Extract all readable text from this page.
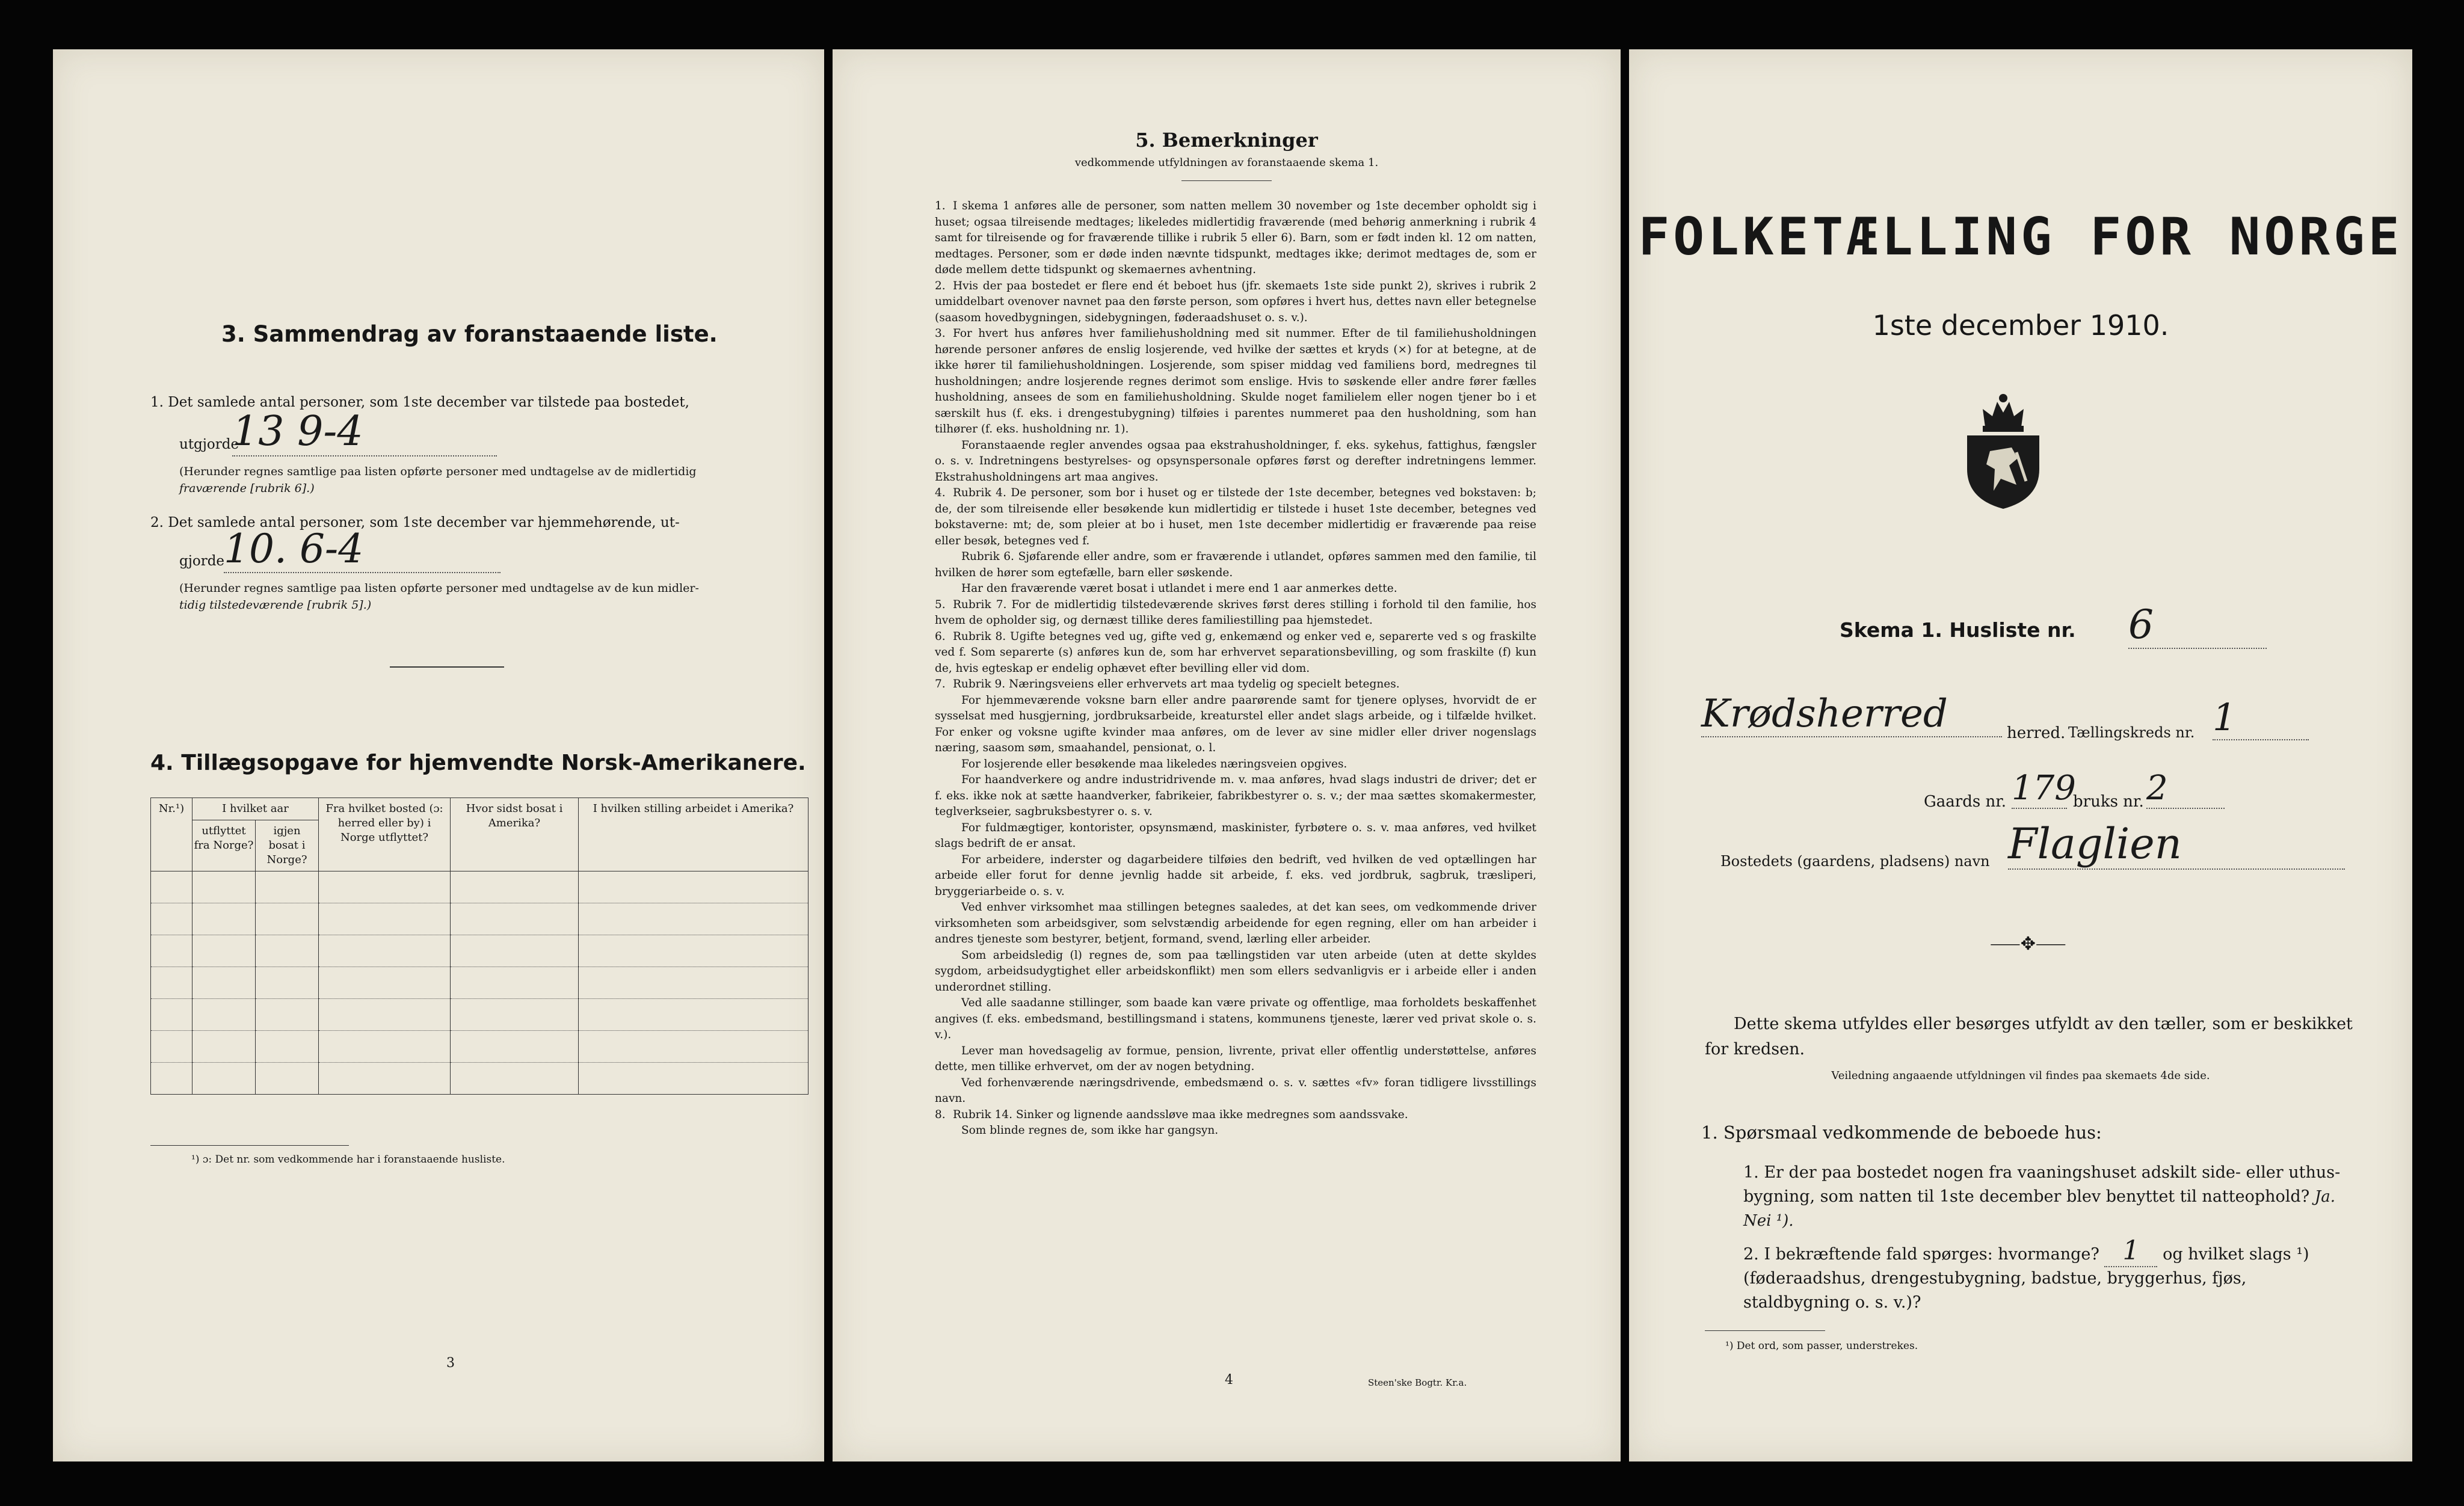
3. Sammendrag av foranstaaende liste.
1. Det samlede antal personer, som 1ste december var tilstede paa bostedet,
utgjorde
13 9-4
(Herunder regnes samtlige paa listen opførte personer med undtagelse av de midlertidig
fraværende [rubrik 6].)
2. Det samlede antal personer, som 1ste december var hjemmehørende, ut-
gjorde
10. 6-4
(Herunder regnes samtlige paa listen opførte personer med undtagelse av de kun midler-
tidig tilstedeværende [rubrik 5].)
4. Tillægsopgave for hjemvendte Norsk-Amerikanere.
Nr.¹)	I hvilket aar		Fra hvilket bosted (ɔ: herred eller by) i Norge utflyttet?	Hvor sidst bosat i Amerika?	I hvilken stilling arbeidet i Amerika?
	utflyttet fra Norge?	igjen bosat i Norge?			

¹) ɔ: Det nr. som vedkommende har i foranstaaende husliste.
3
5. Bemerkninger
vedkommende utfyldningen av foranstaaende skema 1.

1. I skema 1 anføres alle de personer, som natten mellem 30 november og 1ste december opholdt sig i huset; ogsaa tilreisende medtages; likeledes midlertidig fraværende (med behørig anmerkning i rubrik 4 samt for tilreisende og for fraværende tillike i rubrik 5 eller 6). Barn, som er født inden kl. 12 om natten, medtages. Personer, som er døde inden nævnte tidspunkt, medtages ikke; derimot medtages de, som er døde mellem dette tidspunkt og skemaernes avhentning.

2. Hvis der paa bostedet er flere end ét beboet hus (jfr. skemaets 1ste side punkt 2), skrives i rubrik 2 umiddelbart ovenover navnet paa den første person, som opføres i hvert hus, dettes navn eller betegnelse (saasom hovedbygningen, sidebygningen, føderaadshuset o. s. v.).

3. For hvert hus anføres hver familiehusholdning med sit nummer. Efter de til familiehusholdningen hørende personer anføres de enslig losjerende, ved hvilke der sættes et kryds (×) for at betegne, at de ikke hører til familiehusholdningen. Losjerende, som spiser middag ved familiens bord, medregnes til husholdningen; andre losjerende regnes derimot som enslige. Hvis to søskende eller andre fører fælles husholdning, ansees de som en familiehusholdning. Skulde noget familielem eller nogen tjener bo i et særskilt hus (f. eks. i drengestubygning) tilføies i parentes nummeret paa den husholdning, som han tilhører (f. eks. husholdning nr. 1).

Foranstaaende regler anvendes ogsaa paa ekstrahusholdninger, f. eks. sykehus, fattighus, fængsler o. s. v. Indretningens bestyrelses- og opsynspersonale opføres først og derefter indretningens lemmer. Ekstrahusholdningens art maa angives.

4. Rubrik 4. De personer, som bor i huset og er tilstede der 1ste december, betegnes ved bokstaven: b; de, der som tilreisende eller besøkende kun midlertidig er tilstede i huset 1ste december, betegnes ved bokstaverne: mt; de, som pleier at bo i huset, men 1ste december midlertidig er fraværende paa reise eller besøk, betegnes ved f.

Rubrik 6. Sjøfarende eller andre, som er fraværende i utlandet, opføres sammen med den familie, til hvilken de hører som egtefælle, barn eller søskende.

Har den fraværende været bosat i utlandet i mere end 1 aar anmerkes dette.

5. Rubrik 7. For de midlertidig tilstedeværende skrives først deres stilling i forhold til den familie, hos hvem de opholder sig, og dernæst tillike deres familiestilling paa hjemstedet.

6. Rubrik 8. Ugifte betegnes ved ug, gifte ved g, enkemænd og enker ved e, separerte ved s og fraskilte ved f. Som separerte (s) anføres kun de, som har erhvervet separationsbevilling, og som fraskilte (f) kun de, hvis egteskap er endelig ophævet efter bevilling eller vid dom.

7. Rubrik 9. Næringsveiens eller erhvervets art maa tydelig og specielt betegnes.

For hjemmeværende voksne barn eller andre paarørende samt for tjenere oplyses, hvorvidt de er sysselsat med husgjerning, jordbruksarbeide, kreaturstel eller andet slags arbeide, og i tilfælde hvilket. For enker og voksne ugifte kvinder maa anføres, om de lever av sine midler eller driver nogenslags næring, saasom søm, smaahandel, pensionat, o. l.

For losjerende eller besøkende maa likeledes næringsveien opgives.

For haandverkere og andre industridrivende m. v. maa anføres, hvad slags industri de driver; det er f. eks. ikke nok at sætte haandverker, fabrikeier, fabrikbestyrer o. s. v.; der maa sættes skomakermester, teglverkseier, sagbruksbestyrer o. s. v.

For fuldmægtiger, kontorister, opsynsmænd, maskinister, fyrbøtere o. s. v. maa anføres, ved hvilket slags bedrift de er ansat.

For arbeidere, inderster og dagarbeidere tilføies den bedrift, ved hvilken de ved optællingen har arbeide eller forut for denne jevnlig hadde sit arbeide, f. eks. ved jordbruk, sagbruk, træsliperi, bryggeriarbeide o. s. v.

Ved enhver virksomhet maa stillingen betegnes saaledes, at det kan sees, om vedkommende driver virksomheten som arbeidsgiver, som selvstændig arbeidende for egen regning, eller om han arbeider i andres tjeneste som bestyrer, betjent, formand, svend, lærling eller arbeider.

Som arbeidsledig (l) regnes de, som paa tællingstiden var uten arbeide (uten at dette skyldes sygdom, arbeidsudygtighet eller arbeidskonflikt) men som ellers sedvanligvis er i arbeide eller i anden underordnet stilling.

Ved alle saadanne stillinger, som baade kan være private og offentlige, maa forholdets beskaffenhet angives (f. eks. embedsmand, bestillingsmand i statens, kommunens tjeneste, lærer ved privat skole o. s. v.).

Lever man hovedsagelig av formue, pension, livrente, privat eller offentlig understøttelse, anføres dette, men tillike erhvervet, om der av nogen betydning.

Ved forhenværende næringsdrivende, embedsmænd o. s. v. sættes «fv» foran tidligere livsstillings navn.

8. Rubrik 14. Sinker og lignende aandssløve maa ikke medregnes som aandssvake.

Som blinde regnes de, som ikke har gangsyn.

4	Steen'ske Bogtr. Kr.a.
FOLKETÆLLING FOR NORGE
1ste december 1910.
Skema 1. Husliste nr. 6
Krødsherred	herred. Tællingskreds nr. 1
Gaards nr. 179
bruks nr. 2
Bostedets (gaardens, pladsens) navn Flaglien
⸺✥⸺
Dette skema utfyldes eller besørges utfyldt av den tæller, som er beskikket for kredsen.
Veiledning angaaende utfyldningen vil findes paa skemaets 4de side.
1. Spørsmaal vedkommende de beboede hus:
1. Er der paa bostedet nogen fra vaaningshuset adskilt side- eller uthus-bygning, som natten til 1ste december blev benyttet til natteophold? Ja. Nei ¹).
2. I bekræftende fald spørges: hvormange? 1 og hvilket slags ¹) (føderaadshus, drengestubygning, badstue, bryggerhus, fjøs, staldbygning o. s. v.)?
¹) Det ord, som passer, understrekes.
